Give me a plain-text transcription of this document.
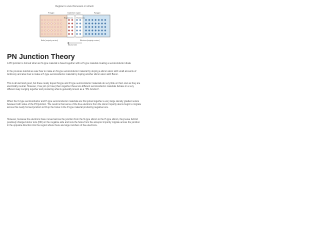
Register to view this lesson or refresh
P-type	N-type
Depletion region
Negative ions Positive ions
Holes (majority carriers)	Electrons (majority carriers)
Electric field
PN Junction Theory

A PN junction is formed when an N-type material is fused together with a P-type material creating a semiconductor diode

In the previous tutorial we saw how to make an N-type semiconductor material by doping a silicon atom with small amounts of Antimony and also how to make a P-type semiconductor material by doping another silicon atom with Boron.

This is all well and good, but these newly doped N-type and P-type semiconductor materials do very little on their own as they are electrically neutral. However, if we join (or fuse) them together these two different semiconductor materials behave in a very different way merging together and producing what is generally known as a "PN Junction".

When the N-type semiconductor and P-type semiconductor materials are first joined together a very large density gradient exists between both sides of the PN junction. The result is that some of the free electrons from the donor impurity atoms begin to migrate across this newly formed junction to fill up the holes in the P-type material producing negative ions.

However, because the electrons have moved across the junction from the N-type silicon to the P-type silicon, they leave behind positively charged donor ions (ND) on the negative side and now the holes from the acceptor impurity migrate across the junction in the opposite direction into the region where there are large numbers of free electrons.
